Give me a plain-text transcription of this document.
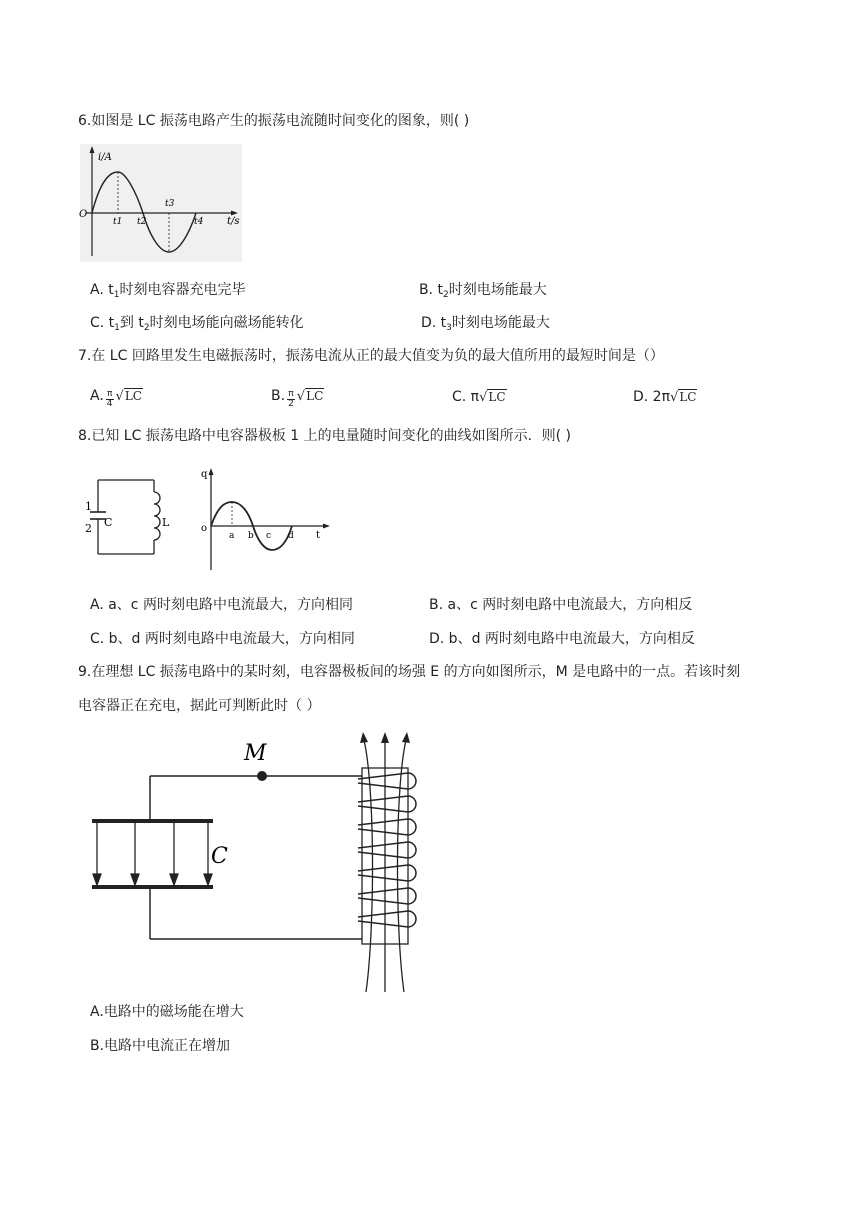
6.如图是 LC 振荡电路产生的振荡电流随时间变化的图象，则( )
i/A
O
t1 t2
t3
t4 t/s
A. $t_1$时刻电容器充电完毕	B. $t_2$时刻电场能最大
C. $t_1$到 $t_2$时刻电场能向磁场能转化	D. $t_3$时刻电场能最大
7.在 LC 回路里发生电磁振荡时，振荡电流从正的最大值变为负的最大值所用的最短时间是（）
A. $\frac{\pi}{4} √LC$	B. $\frac{\pi}{2} √LC$	C. π√LC	D. 2π√LC
8.已知 LC 振荡电路中电容器极板 1 上的电量随时间变化的曲线如图所示．则( )
1
2 C	L
q
o
a b c d t
A. a、c 两时刻电路中电流最大，方向相同	B. a、c 两时刻电路中电流最大，方向相反
C. b、d 两时刻电路中电流最大，方向相同	D. b、d 两时刻电路中电流最大，方向相反
9.在理想 LC 振荡电路中的某时刻，电容器极板间的场强 E 的方向如图所示，M 是电路中的一点。若该时刻
电容器正在充电，据此可判断此时（ ）
M
C
A.电路中的磁场能在增大
B.电路中电流正在增加
